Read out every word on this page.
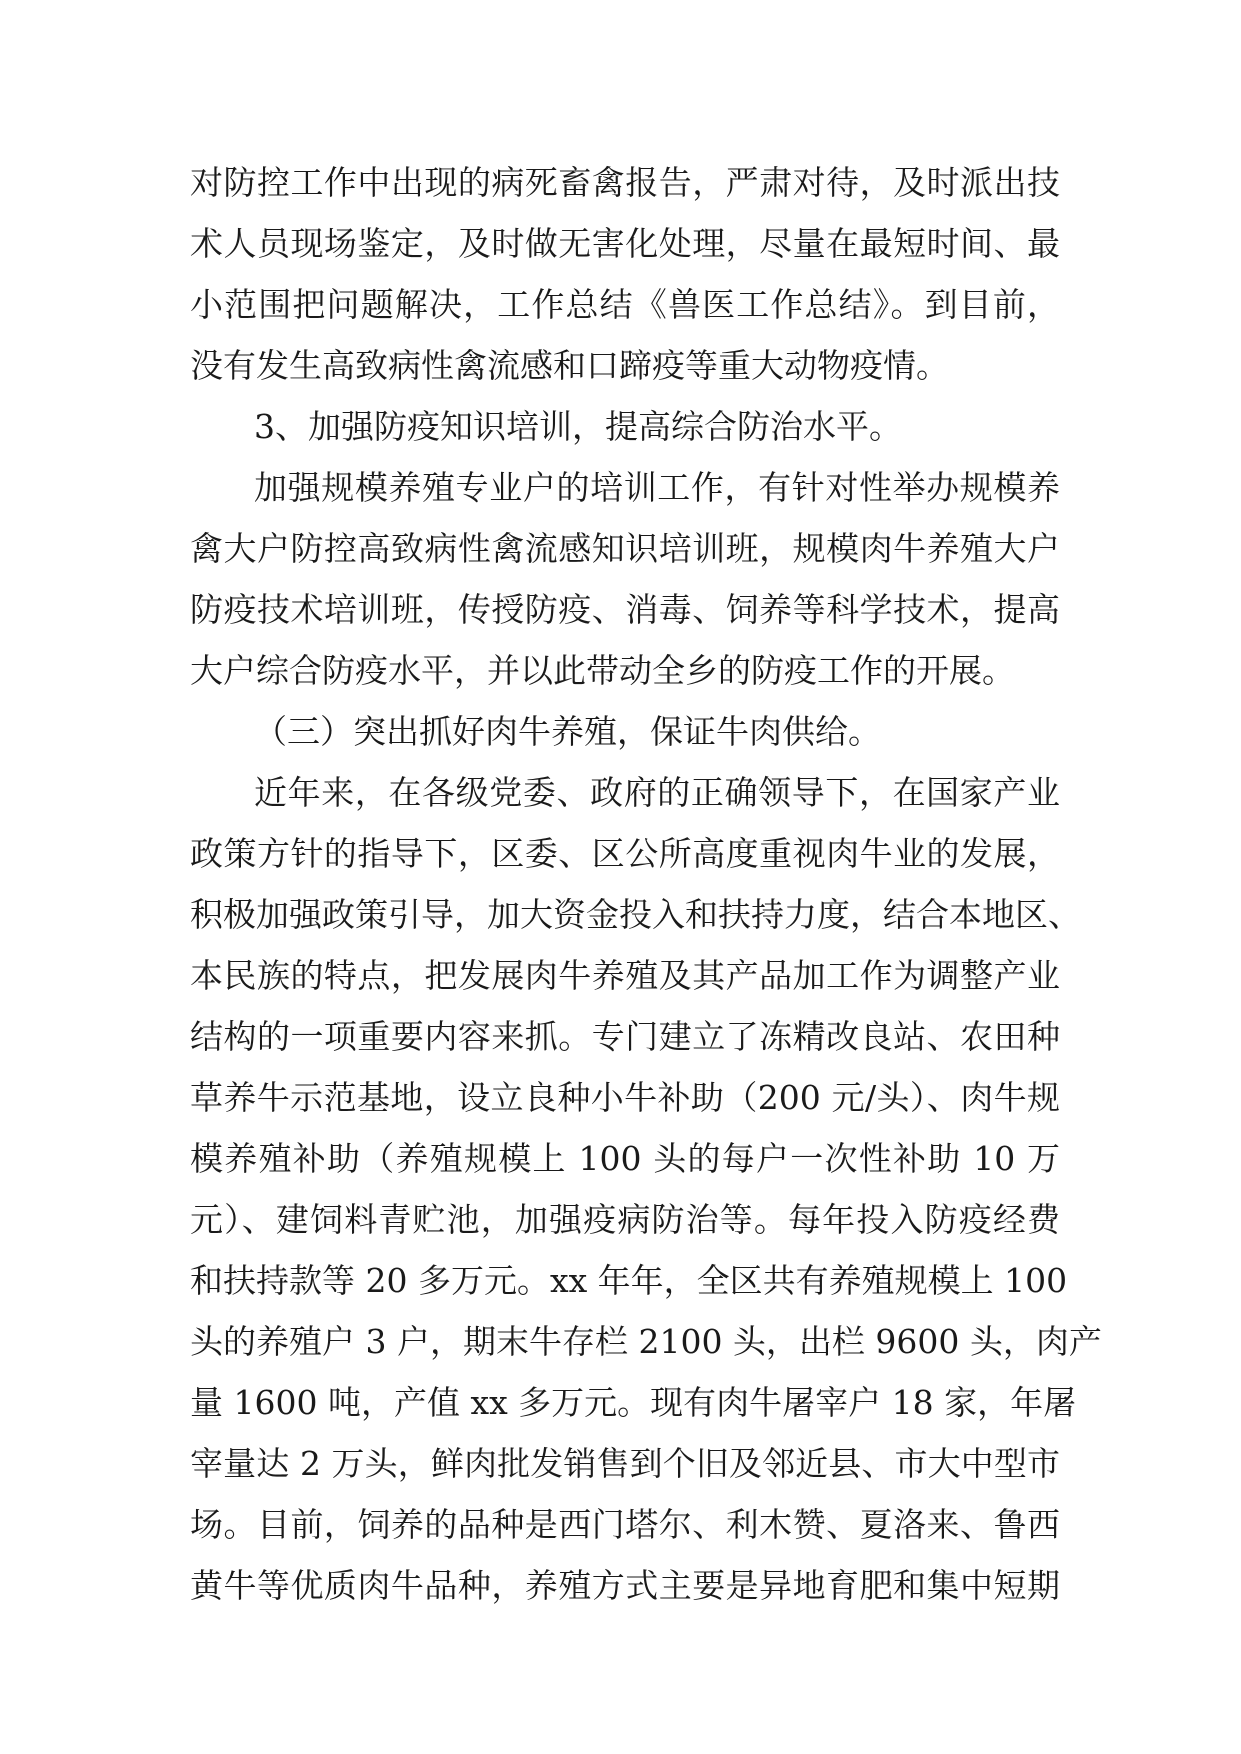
对防控工作中出现的病死畜禽报告，严肃对待，及时派出技
术人员现场鉴定，及时做无害化处理，尽量在最短时间、最
小范围把问题解决，工作总结《兽医工作总结》。到目前，
没有发生高致病性禽流感和口蹄疫等重大动物疫情。
3、加强防疫知识培训，提高综合防治水平。
加强规模养殖专业户的培训工作，有针对性举办规模养
禽大户防控高致病性禽流感知识培训班，规模肉牛养殖大户
防疫技术培训班，传授防疫、消毒、饲养等科学技术，提高
大户综合防疫水平，并以此带动全乡的防疫工作的开展。
（三）突出抓好肉牛养殖，保证牛肉供给。
近年来，在各级党委、政府的正确领导下，在国家产业
政策方针的指导下，区委、区公所高度重视肉牛业的发展，
积极加强政策引导，加大资金投入和扶持力度，结合本地区、
本民族的特点，把发展肉牛养殖及其产品加工作为调整产业
结构的一项重要内容来抓。专门建立了冻精改良站、农田种
草养牛示范基地，设立良种小牛补助（200 元/头）、肉牛规
模养殖补助（养殖规模上 100 头的每户一次性补助 10 万
元）、建饲料青贮池，加强疫病防治等。每年投入防疫经费
和扶持款等 20 多万元。xx 年年，全区共有养殖规模上 100
头的养殖户 3 户，期末牛存栏 2100 头，出栏 9600 头，肉产
量 1600 吨，产值 xx 多万元。现有肉牛屠宰户 18 家，年屠
宰量达 2 万头，鲜肉批发销售到个旧及邻近县、市大中型市
场。目前，饲养的品种是西门塔尔、利木赞、夏洛来、鲁西
黄牛等优质肉牛品种，养殖方式主要是异地育肥和集中短期
